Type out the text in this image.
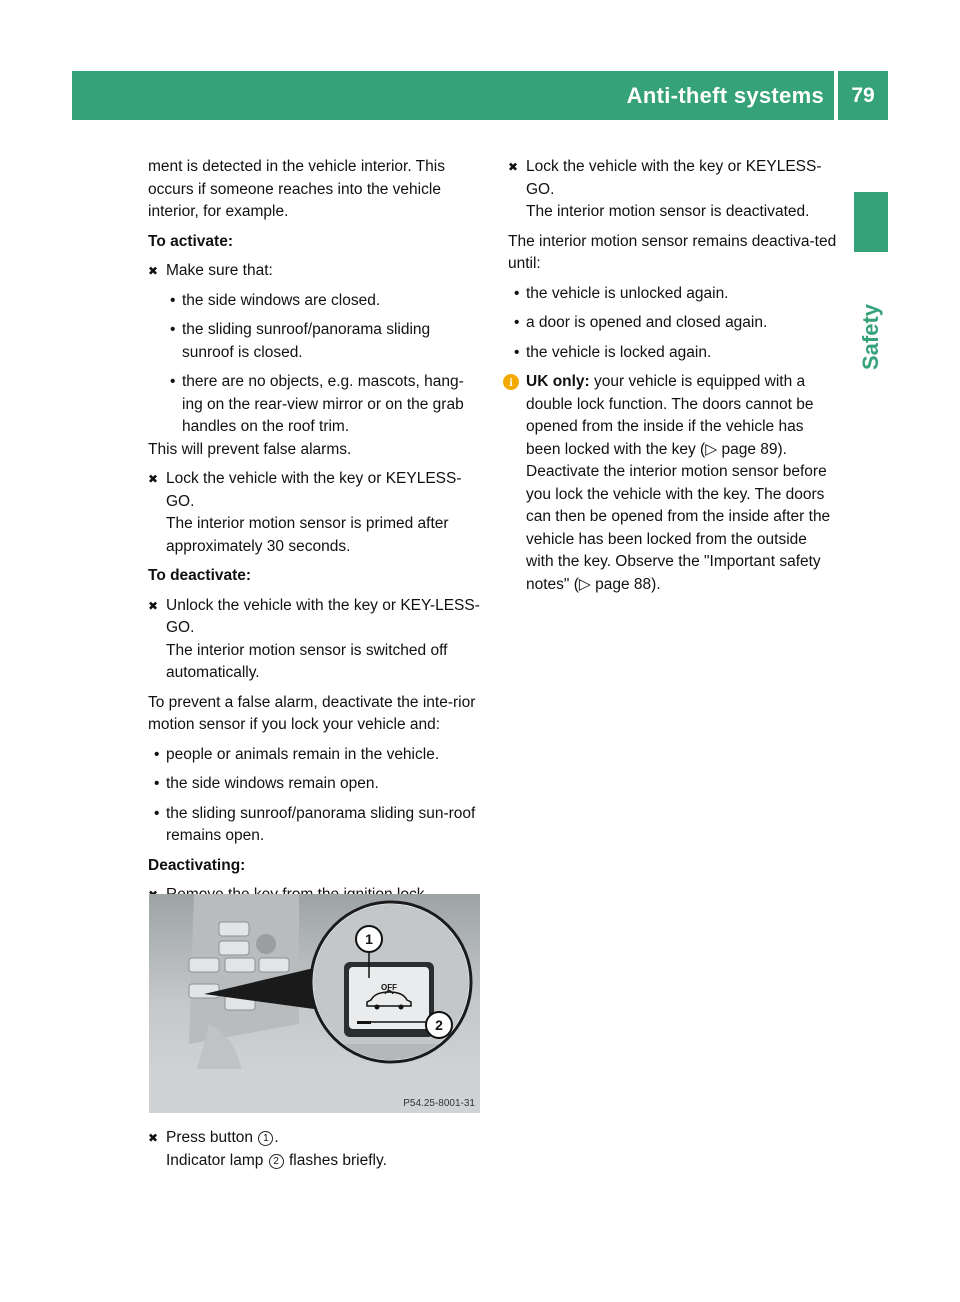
Anti-theft systems	79
Safety

ment is detected in the vehicle interior. This occurs if someone reaches into the vehicle interior, for example.

To activate:

✖ Make sure that:

• the side windows are closed.
• the sliding sunroof/panorama sliding sunroof is closed.
• there are no objects, e.g. mascots, hang-ing on the rear-view mirror or on the grab handles on the roof trim.

This will prevent false alarms.

✖ Lock the vehicle with the key or KEYLESS-GO.

The interior motion sensor is primed after approximately 30 seconds.

To deactivate:

✖ Unlock the vehicle with the key or KEY-LESS-GO.

The interior motion sensor is switched off automatically.

To prevent a false alarm, deactivate the inte-rior motion sensor if you lock your vehicle and:

• people or animals remain in the vehicle.
• the side windows remain open.
• the sliding sunroof/panorama sliding sun-roof remains open.

Deactivating:

OFF
1
2
P54.25-8001-31
✖ Press button 1 .

Indicator lamp 2 flashes briefly.

✖ Lock the vehicle with the key or KEYLESS-GO.

The interior motion sensor is deactivated.

The interior motion sensor remains deactiva-ted until:

• the vehicle is unlocked again.
• a door is opened and closed again.
• the vehicle is locked again.
i UK only: your vehicle is equipped with a double lock function. The doors cannot be opened from the inside if the vehicle has been locked with the key (▷ page 89). Deactivate the interior motion sensor before you lock the vehicle with the key. The doors can then be opened from the inside after the vehicle has been locked from the outside with the key. Observe the "Important safety notes" (▷ page 88).
